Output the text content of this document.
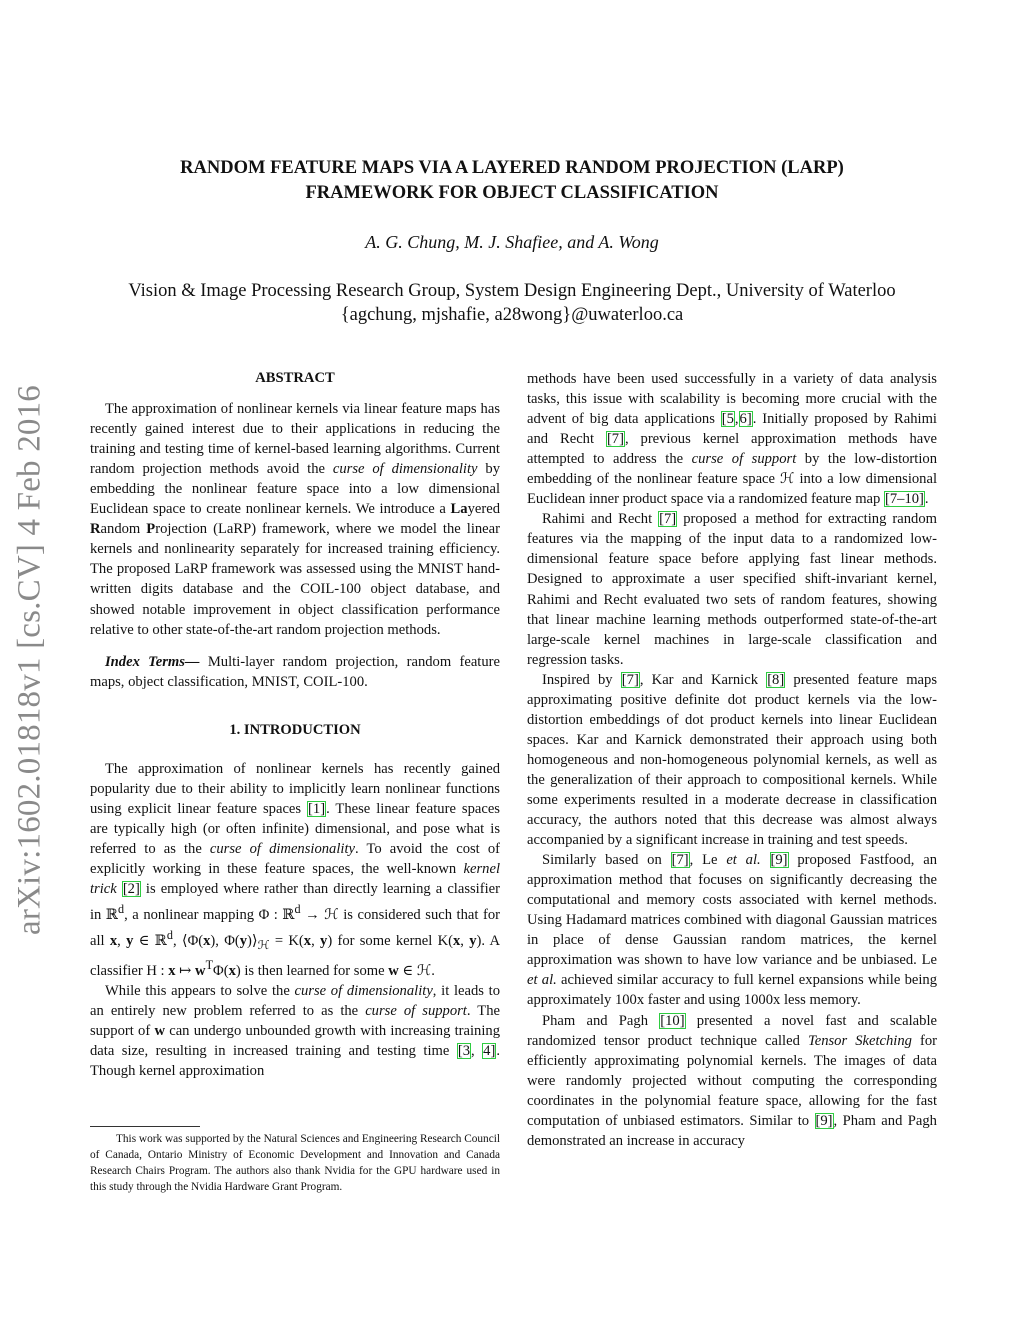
arXiv:1602.01818v1 [cs.CV] 4 Feb 2016
RANDOM FEATURE MAPS VIA A LAYERED RANDOM PROJECTION (LARP)
FRAMEWORK FOR OBJECT CLASSIFICATION
A. G. Chung, M. J. Shafiee, and A. Wong
Vision & Image Processing Research Group, System Design Engineering Dept., University of Waterloo
{agchung, mjshafie, a28wong}@uwaterloo.ca

ABSTRACT

The approximation of nonlinear kernels via linear feature maps has recently gained interest due to their applications in reducing the training and testing time of kernel-based learning algorithms. Current random projection methods avoid the curse of dimensionality by embedding the nonlinear feature space into a low dimensional Euclidean space to create nonlinear kernels. We introduce a Layered Random Projection (LaRP) framework, where we model the linear kernels and nonlinearity separately for increased training efficiency. The proposed LaRP framework was assessed using the MNIST hand-written digits database and the COIL-100 object database, and showed notable improvement in object classification performance relative to other state-of-the-art random projection methods.

Index Terms— Multi-layer random projection, random feature maps, object classification, MNIST, COIL-100.

1. INTRODUCTION

The approximation of nonlinear kernels has recently gained popularity due to their ability to implicitly learn nonlinear functions using explicit linear feature spaces [1]. These linear feature spaces are typically high (or often infinite) dimensional, and pose what is referred to as the curse of dimensionality. To avoid the cost of explicitly working in these feature spaces, the well-known kernel trick [2] is employed where rather than directly learning a classifier in ℝ$^d$, a nonlinear mapping Φ : ℝ$^d$ → ℋ is considered such that for all x, y ∈ ℝ$^d$, ⟨Φ(x), $\Phi(y)⟩_ℋ = K(x$, y) for some kernel K(x, y). A classifier H : x ↦ $w^T\Phi(x)$ is then learned for some w ∈ ℋ.

While this appears to solve the curse of dimensionality, it leads to an entirely new problem referred to as the curse of support. The support of w can undergo unbounded growth with increasing training data size, resulting in increased training and testing time [3, 4]. Though kernel approximation

This work was supported by the Natural Sciences and Engineering Research Council of Canada, Ontario Ministry of Economic Development and Innovation and Canada Research Chairs Program. The authors also thank Nvidia for the GPU hardware used in this study through the Nvidia Hardware Grant Program.

methods have been used successfully in a variety of data analysis tasks, this issue with scalability is becoming more crucial with the advent of big data applications [5,6]. Initially proposed by Rahimi and Recht [7], previous kernel approximation methods have attempted to address the curse of support by the low-distortion embedding of the nonlinear feature space ℋ into a low dimensional Euclidean inner product space via a randomized feature map [7–10].

Rahimi and Recht [7] proposed a method for extracting random features via the mapping of the input data to a randomized low-dimensional feature space before applying fast linear methods. Designed to approximate a user specified shift-invariant kernel, Rahimi and Recht evaluated two sets of random features, showing that linear machine learning methods outperformed state-of-the-art large-scale kernel machines in large-scale classification and regression tasks.

Inspired by [7], Kar and Karnick [8] presented feature maps approximating positive definite dot product kernels via the low-distortion embeddings of dot product kernels into linear Euclidean spaces. Kar and Karnick demonstrated their approach using both homogeneous and non-homogeneous polynomial kernels, as well as the generalization of their approach to compositional kernels. While some experiments resulted in a moderate decrease in classification accuracy, the authors noted that this decrease was almost always accompanied by a significant increase in training and test speeds.

Similarly based on [7], Le et al. [9] proposed Fastfood, an approximation method that focuses on significantly decreasing the computational and memory costs associated with kernel methods. Using Hadamard matrices combined with diagonal Gaussian matrices in place of dense Gaussian random matrices, the kernel approximation was shown to have low variance and be unbiased. Le et al. achieved similar accuracy to full kernel expansions while being approximately 100x faster and using 1000x less memory.

Pham and Pagh [10] presented a novel fast and scalable randomized tensor product technique called Tensor Sketching for efficiently approximating polynomial kernels. The images of data were randomly projected without computing the corresponding coordinates in the polynomial feature space, allowing for the fast computation of unbiased estimators. Similar to [9], Pham and Pagh demonstrated an increase in accuracy
